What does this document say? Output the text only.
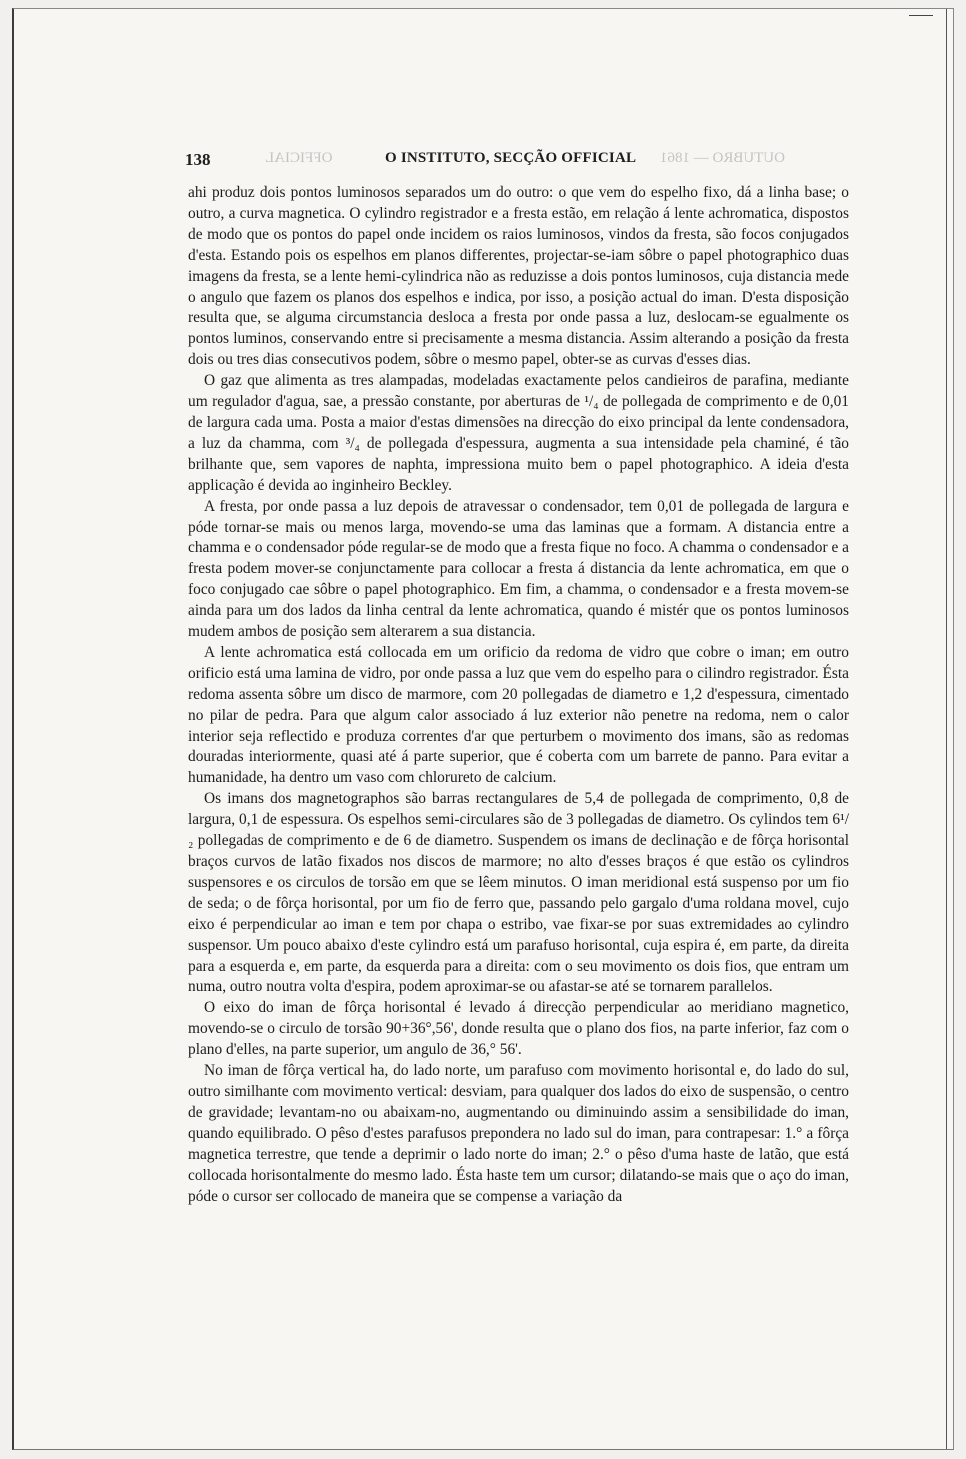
138	O INSTITUTO, SECÇÃO OFFICIAL OUTUBRO — 1861
OFFICIAL

ahi produz dois pontos luminosos separados um do outro: o que vem do espelho fixo, dá a linha base; o outro, a curva magnetica. O cylindro registrador e a fresta estão, em relação á lente achromatica, dispostos de modo que os pontos do papel onde incidem os raios luminosos, vindos da fresta, são focos conjugados d'esta. Estando pois os espelhos em planos differentes, projectar-se-iam sôbre o papel photographico duas imagens da fresta, se a lente hemi-cylindrica não as reduzisse a dois pontos luminosos, cuja distancia mede o angulo que fazem os planos dos espelhos e indica, por isso, a posição actual do iman. D'esta disposição resulta que, se alguma circumstancia desloca a fresta por onde passa a luz, deslocam-se egualmente os pontos luminos, conservando entre si precisamente a mesma distancia. Assim alterando a posição da fresta dois ou tres dias consecutivos podem, sôbre o mesmo papel, obter-se as curvas d'esses dias.

O gaz que alimenta as tres alampadas, modeladas exactamente pelos candieiros de parafina, mediante um regulador d'agua, sae, a pressão constante, por aberturas de ¹/₄ de pollegada de comprimento e de 0,01 de largura cada uma. Posta a maior d'estas dimensões na direcção do eixo principal da lente condensadora, a luz da chamma, com ³/₄ de pollegada d'espessura, augmenta a sua intensidade pela chaminé, é tão brilhante que, sem vapores de naphta, impressiona muito bem o papel photographico. A ideia d'esta applicação é devida ao inginheiro Beckley.

A fresta, por onde passa a luz depois de atravessar o condensador, tem 0,01 de pollegada de largura e póde tornar-se mais ou menos larga, movendo-se uma das laminas que a formam. A distancia entre a chamma e o condensador póde regular-se de modo que a fresta fique no foco. A chamma o condensador e a fresta podem mover-se conjunctamente para collocar a fresta á distancia da lente achromatica, em que o foco conjugado cae sôbre o papel photographico. Em fim, a chamma, o condensador e a fresta movem-se ainda para um dos lados da linha central da lente achromatica, quando é mistér que os pontos luminosos mudem ambos de posição sem alterarem a sua distancia.

A lente achromatica está collocada em um orificio da redoma de vidro que cobre o iman; em outro orificio está uma lamina de vidro, por onde passa a luz que vem do espelho para o cilindro registrador. Ésta redoma assenta sôbre um disco de marmore, com 20 pollegadas de diametro e 1,2 d'espessura, cimentado no pilar de pedra. Para que algum calor associado á luz exterior não penetre na redoma, nem o calor interior seja reflectido e produza correntes d'ar que perturbem o movimento dos imans, são as redomas douradas interiormente, quasi até á parte superior, que é coberta com um barrete de panno. Para evitar a humanidade, ha dentro um vaso com chlorureto de calcium.

Os imans dos magnetographos são barras rectangulares de 5,4 de pollegada de comprimento, 0,8 de largura, 0,1 de espessura. Os espelhos semi-circulares são de 3 pollegadas de diametro. Os cylindos tem 6¹/₂ pollegadas de comprimento e de 6 de diametro. Suspendem os imans de declinação e de fôrça horisontal braços curvos de latão fixados nos discos de marmore; no alto d'esses braços é que estão os cylindros suspensores e os circulos de torsão em que se lêem minutos. O iman meridional está suspenso por um fio de seda; o de fôrça horisontal, por um fio de ferro que, passando pelo gargalo d'uma roldana movel, cujo eixo é perpendicular ao iman e tem por chapa o estribo, vae fixar-se por suas extremidades ao cylindro suspensor. Um pouco abaixo d'este cylindro está um parafuso horisontal, cuja espira é, em parte, da direita para a esquerda e, em parte, da esquerda para a direita: com o seu movimento os dois fios, que entram um numa, outro noutra volta d'espira, podem aproximar-se ou afastar-se até se tornarem parallelos.

O eixo do iman de fôrça horisontal é levado á direcção perpendicular ao meridiano magnetico, movendo-se o circulo de torsão 90+36°,56', donde resulta que o plano dos fios, na parte inferior, faz com o plano d'elles, na parte superior, um angulo de 36,° 56'.

No iman de fôrça vertical ha, do lado norte, um parafuso com movimento horisontal e, do lado do sul, outro similhante com movimento vertical: desviam, para qualquer dos lados do eixo de suspensão, o centro de gravidade; levantam-no ou abaixam-no, augmentando ou diminuindo assim a sensibilidade do iman, quando equilibrado. O pêso d'estes parafusos prepondera no lado sul do iman, para contrapesar: 1.° a fôrça magnetica terrestre, que tende a deprimir o lado norte do iman; 2.° o pêso d'uma haste de latão, que está collocada horisontalmente do mesmo lado. Ésta haste tem um cursor; dilatando-se mais que o aço do iman, póde o cursor ser collocado de maneira que se compense a variação da
